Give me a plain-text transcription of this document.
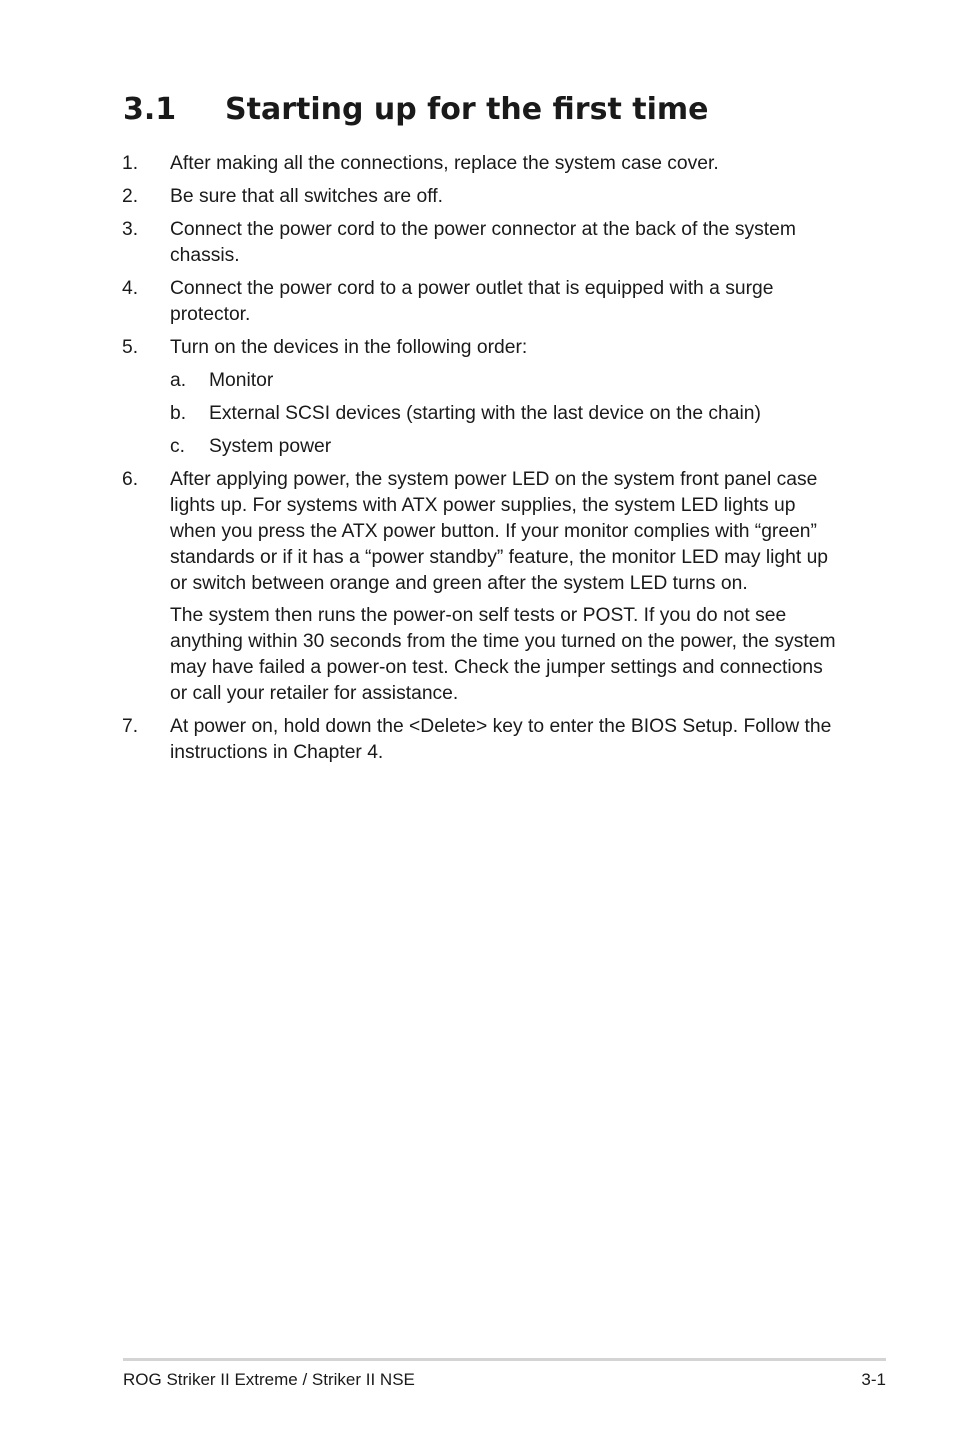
3.1 Starting up for the first time
1. After making all the connections, replace the system case cover.

2. Be sure that all switches are off.

3. Connect the power cord to the power connector at the back of the system chassis.

4. Connect the power cord to a power outlet that is equipped with a surge protector.

5. Turn on the devices in the following order:

a. Monitor

b. External SCSI devices (starting with the last device on the chain)

c. System power

6. After applying power, the system power LED on the system front panel case lights up. For systems with ATX power supplies, the system LED lights up when you press the ATX power button. If your monitor complies with “green” standards or if it has a “power standby” feature, the monitor LED may light up or switch between orange and green after the system LED turns on.

The system then runs the power-on self tests or POST. If you do not see anything within 30 seconds from the time you turned on the power, the system may have failed a power-on test. Check the jumper settings and connections or call your retailer for assistance.

7. At power on, hold down the <Delete> key to enter the BIOS Setup. Follow the instructions in Chapter 4.

ROG Striker II Extreme / Striker II NSE	3-1
